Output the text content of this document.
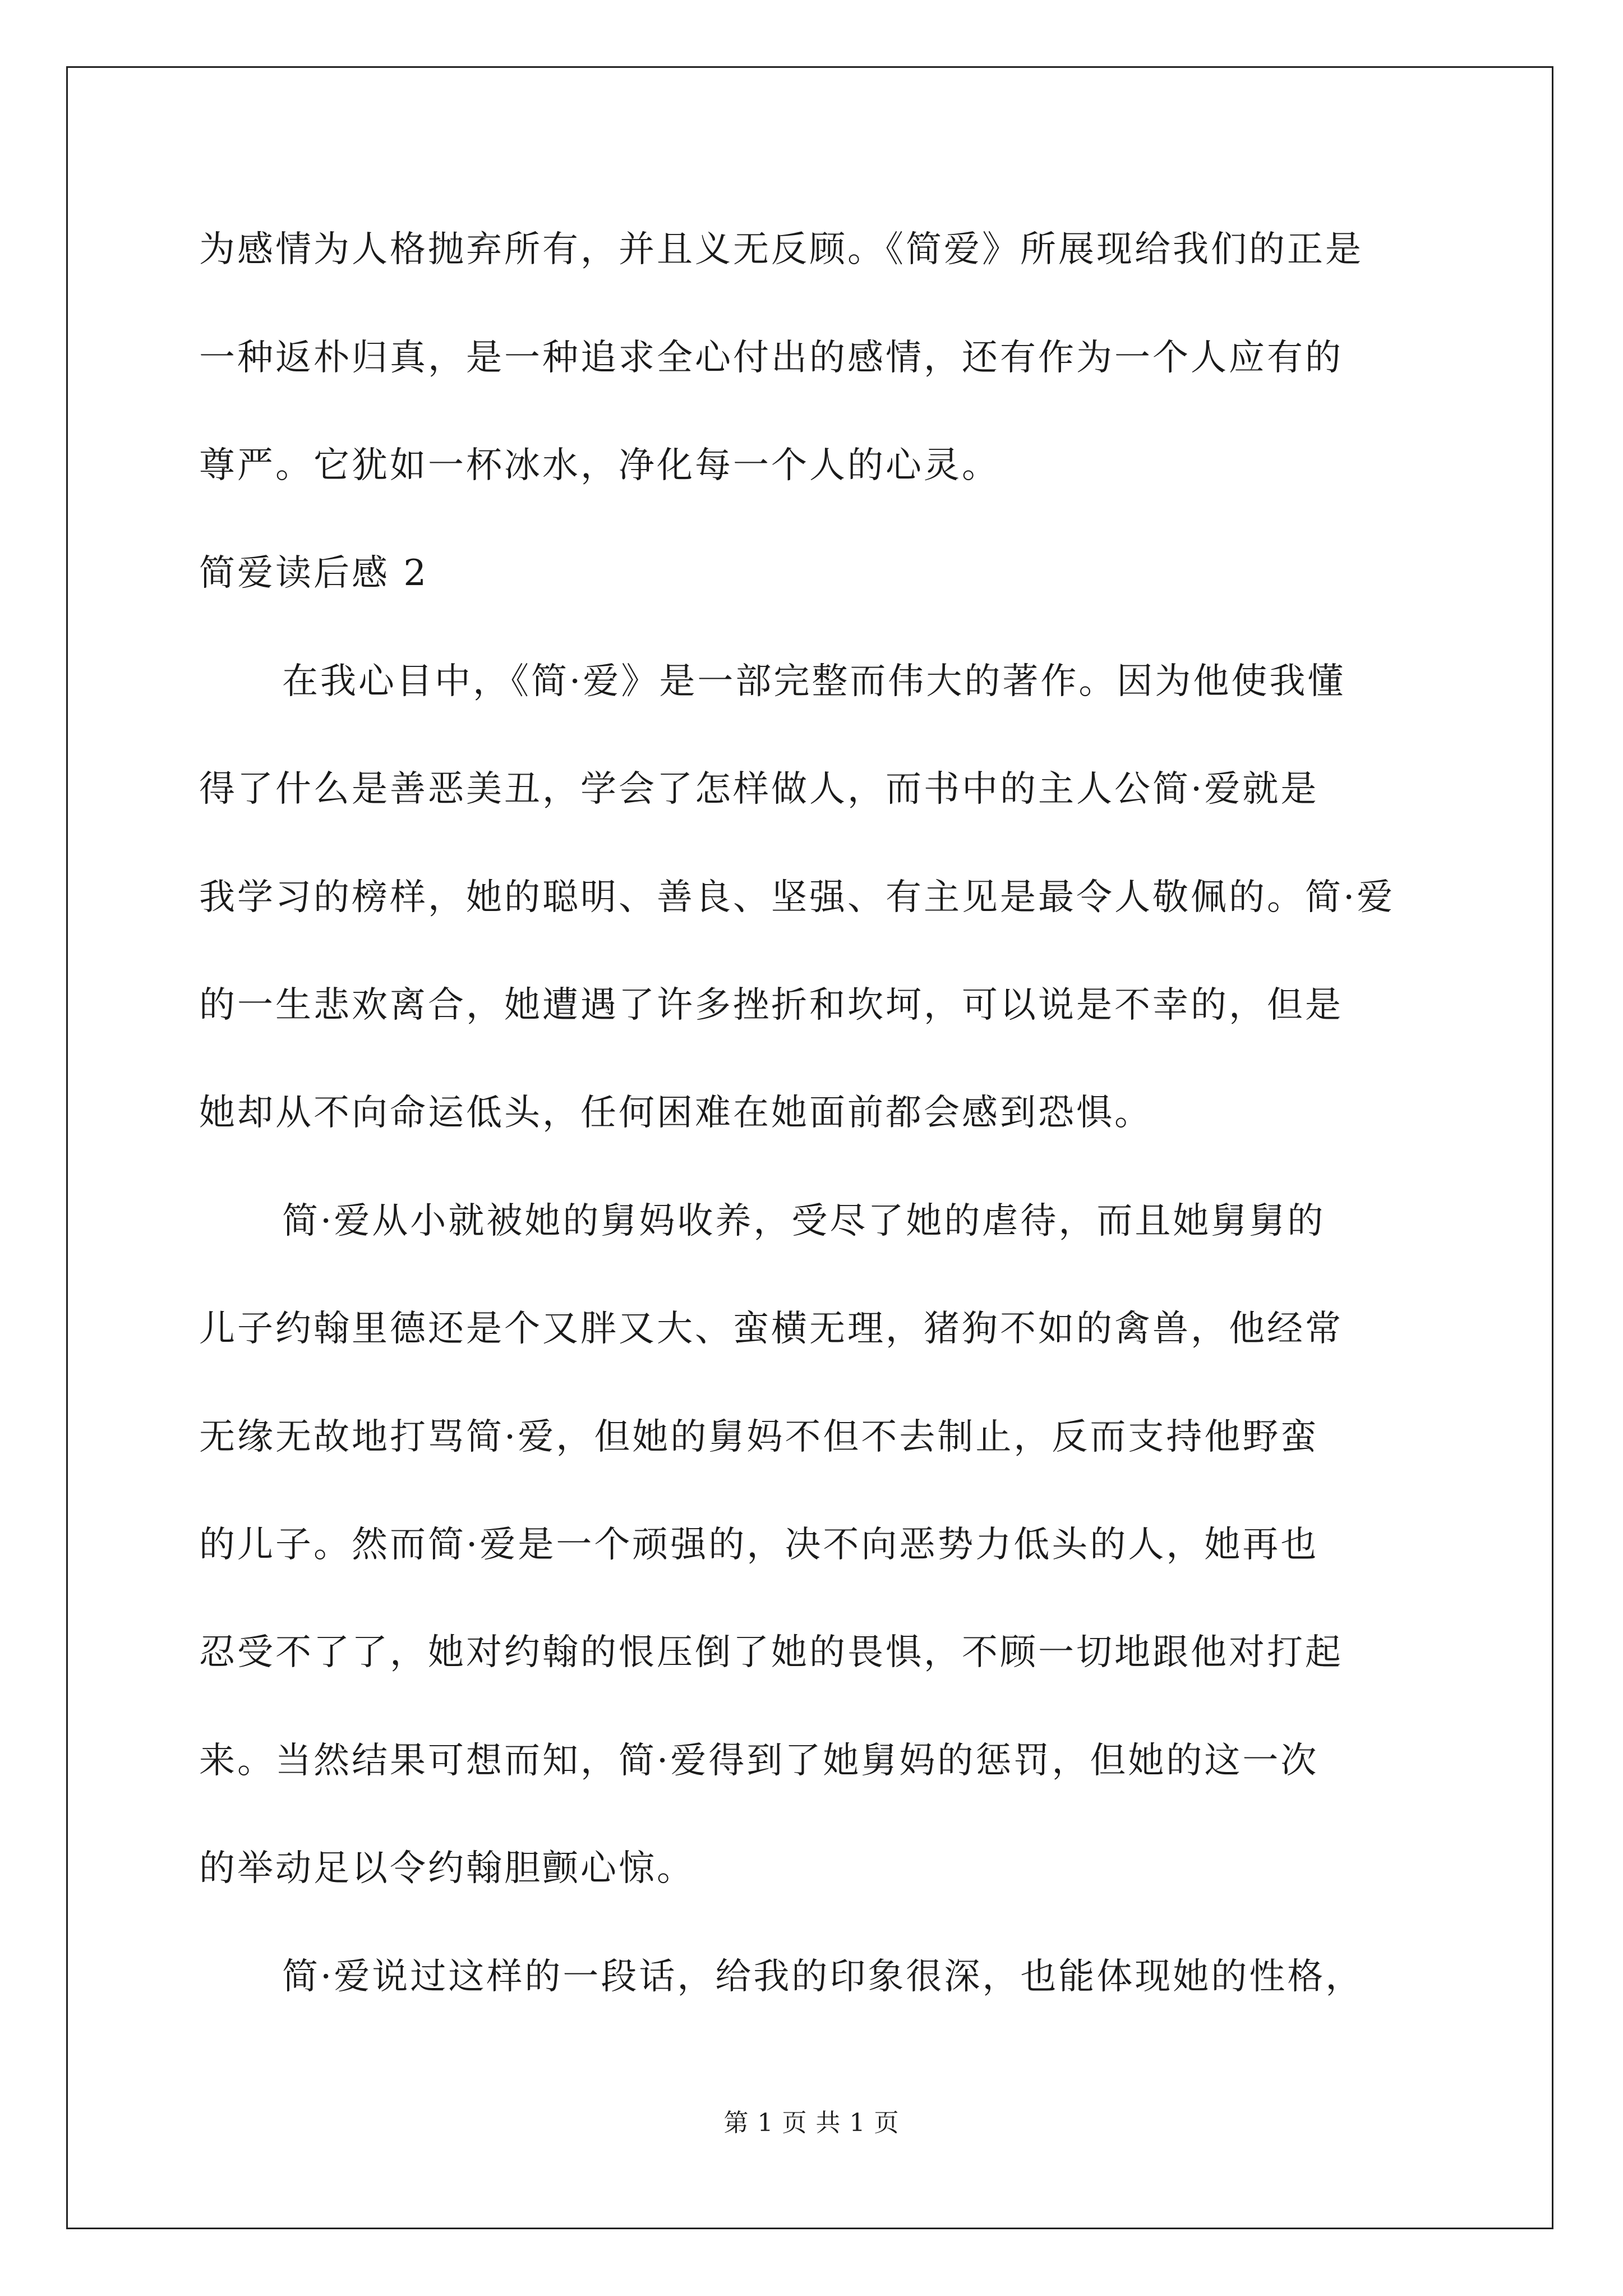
为感情为人格抛弃所有，并且义无反顾。《简爱》所展现给我们的正是
一种返朴归真，是一种追求全心付出的感情，还有作为一个人应有的
尊严。它犹如一杯冰水，净化每一个人的心灵。
简爱读后感 2
在我心目中，《简·爱》是一部完整而伟大的著作。因为他使我懂
得了什么是善恶美丑，学会了怎样做人，而书中的主人公简·爱就是
我学习的榜样，她的聪明、善良、坚强、有主见是最令人敬佩的。简·爱
的一生悲欢离合，她遭遇了许多挫折和坎坷，可以说是不幸的，但是
她却从不向命运低头，任何困难在她面前都会感到恐惧。
简·爱从小就被她的舅妈收养，受尽了她的虐待，而且她舅舅的
儿子约翰里德还是个又胖又大、蛮横无理，猪狗不如的禽兽，他经常
无缘无故地打骂简·爱，但她的舅妈不但不去制止，反而支持他野蛮
的儿子。然而简·爱是一个顽强的，决不向恶势力低头的人，她再也
忍受不了了，她对约翰的恨压倒了她的畏惧，不顾一切地跟他对打起
来。当然结果可想而知，简·爱得到了她舅妈的惩罚，但她的这一次
的举动足以令约翰胆颤心惊。
简·爱说过这样的一段话，给我的印象很深，也能体现她的性格，
第 1 页 共 1 页
